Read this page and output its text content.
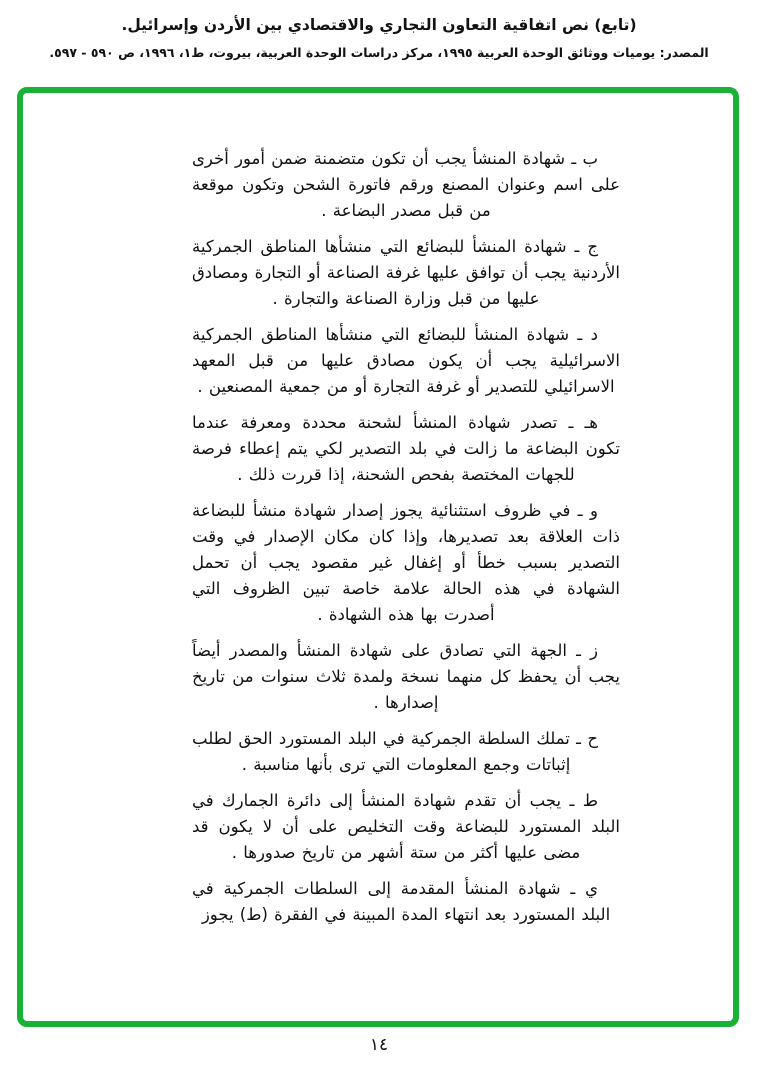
(تابع) نص اتفاقية التعاون التجاري والاقتصادي بين الأردن وإسرائيل.
المصدر: يوميات ووثائق الوحدة العربية ١٩٩٥، مركز دراسات الوحدة العربية، بيروت، ط١، ١٩٩٦، ص ٥٩٠ - ٥٩٧.

ب ـ شهادة المنشأ يجب أن تكون متضمنة ضمن أمور أخرى على اسم وعنوان المصنع ورقم فاتورة الشحن وتكون موقعة من قبل مصدر البضاعة .

ج ـ شهادة المنشأ للبضائع التي منشأها المناطق الجمركية الأردنية يجب أن توافق عليها غرفة الصناعة أو التجارة ومصادق عليها من قبل وزارة الصناعة والتجارة .

د ـ شهادة المنشأ للبضائع التي منشأها المناطق الجمركية الاسرائيلية يجب أن يكون مصادق عليها من قبل المعهد الاسرائيلي للتصدير أو غرفة التجارة أو من جمعية المصنعين .

هـ ـ تصدر شهادة المنشأ لشحنة محددة ومعرفة عندما تكون البضاعة ما زالت في بلد التصدير لكي يتم إعطاء فرصة للجهات المختصة بفحص الشحنة، إذا قررت ذلك .

و ـ في ظروف استثنائية يجوز إصدار شهادة منشأ للبضاعة ذات العلاقة بعد تصديرها، وإذا كان مكان الإصدار في وقت التصدير بسبب خطأ أو إغفال غير مقصود يجب أن تحمل الشهادة في هذه الحالة علامة خاصة تبين الظروف التي أصدرت بها هذه الشهادة .

ز ـ الجهة التي تصادق على شهادة المنشأ والمصدر أيضاً يجب أن يحفظ كل منهما نسخة ولمدة ثلاث سنوات من تاريخ إصدارها .

ح ـ تملك السلطة الجمركية في البلد المستورد الحق لطلب إثباتات وجمع المعلومات التي ترى بأنها مناسبة .

ط ـ يجب أن تقدم شهادة المنشأ إلى دائرة الجمارك في البلد المستورد للبضاعة وقت التخليص على أن لا يكون قد مضى عليها أكثر من ستة أشهر من تاريخ صدورها .

ي ـ شهادة المنشأ المقدمة إلى السلطات الجمركية في البلد المستورد بعد انتهاء المدة المبينة في الفقرة (ط) يجوز

١٤
